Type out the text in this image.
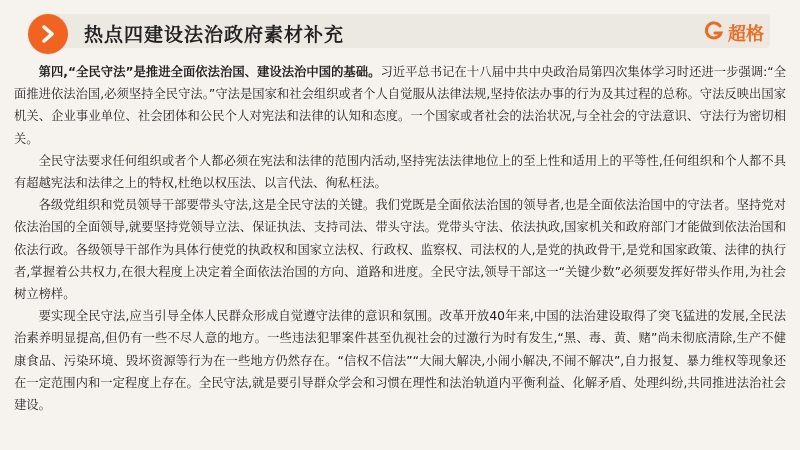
热点四建设法治政府素材补充	超格

第四,“全民守法”是推进全面依法治国、建设法治中国的基础。习近平总书记在十八届中共中央政治局第四次集体学习时还进一步强调:“全面推进依法治国,必须坚持全民守法。”守法是国家和社会组织或者个人自觉服从法律法规,坚持依法办事的行为及其过程的总称。守法反映出国家机关、企业事业单位、社会团体和公民个人对宪法和法律的认知和态度。一个国家或者社会的法治状况,与全社会的守法意识、守法行为密切相关。

全民守法要求任何组织或者个人都必须在宪法和法律的范围内活动,坚持宪法法律地位上的至上性和适用上的平等性,任何组织和个人都不具有超越宪法和法律之上的特权,杜绝以权压法、以言代法、徇私枉法。

各级党组织和党员领导干部要带头守法,这是全民守法的关键。我们党既是全面依法治国的领导者,也是全面依法治国中的守法者。坚持党对依法治国的全面领导,就要坚持党领导立法、保证执法、支持司法、带头守法。党带头守法、依法执政,国家机关和政府部门才能做到依法治国和依法行政。各级领导干部作为具体行使党的执政权和国家立法权、行政权、监察权、司法权的人,是党的执政骨干,是党和国家政策、法律的执行者,掌握着公共权力,在很大程度上决定着全面依法治国的方向、道路和进度。全民守法,领导干部这一“关键少数”必须要发挥好带头作用,为社会树立榜样。

要实现全民守法,应当引导全体人民群众形成自觉遵守法律的意识和氛围。改革开放40年来,中国的法治建设取得了突飞猛进的发展,全民法治素养明显提高,但仍有一些不尽人意的地方。一些违法犯罪案件甚至仇视社会的过激行为时有发生,“黑、毒、黄、赌”尚未彻底清除,生产不健康食品、污染环境、毁坏资源等行为在一些地方仍然存在。“信权不信法”“大闹大解决,小闹小解决,不闹不解决”,自力报复、暴力维权等现象还在一定范围内和一定程度上存在。全民守法,就是要引导群众学会和习惯在理性和法治轨道内平衡利益、化解矛盾、处理纠纷,共同推进法治社会建设。
